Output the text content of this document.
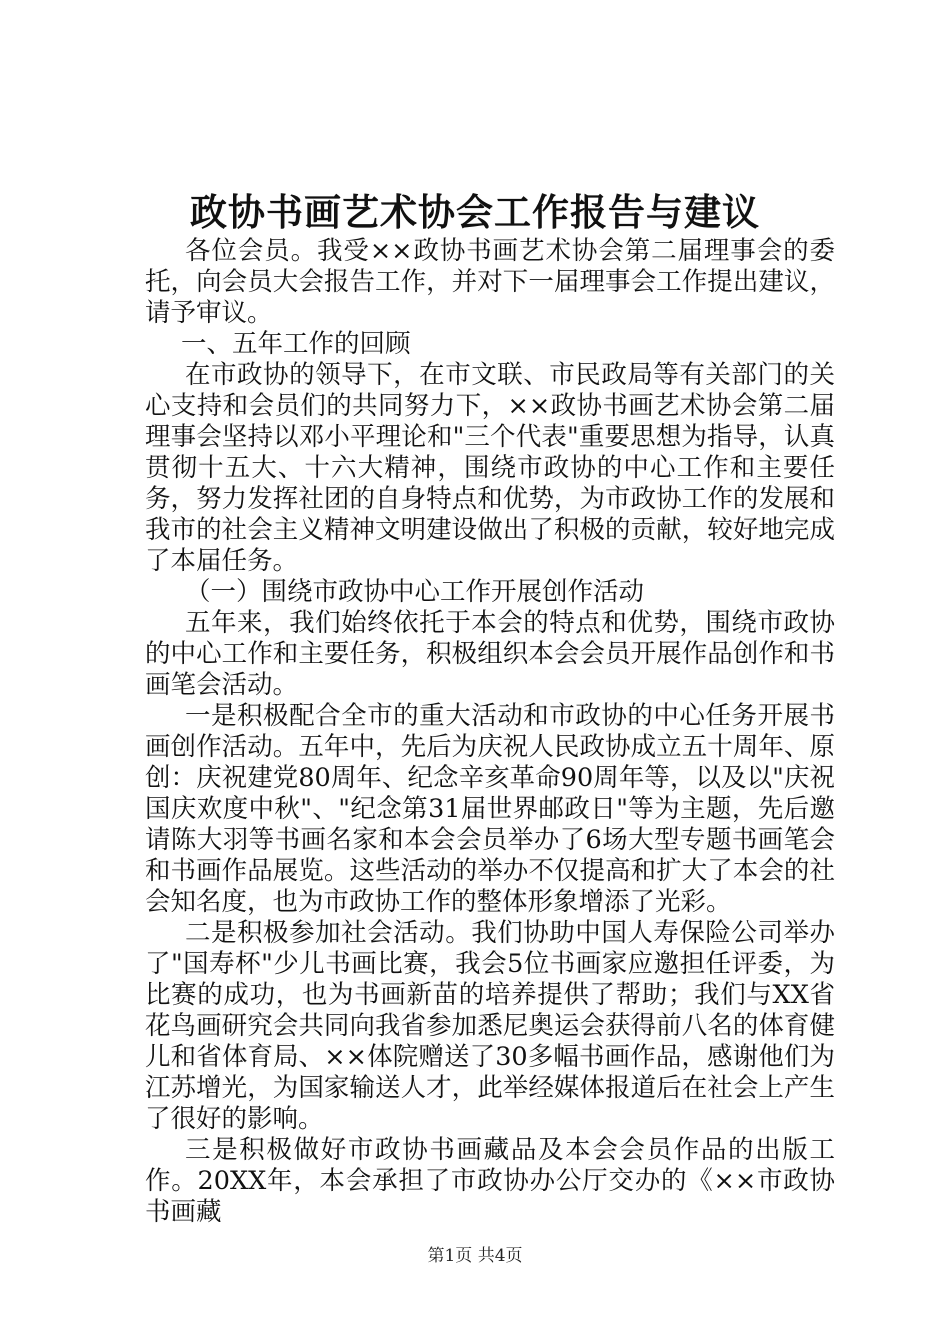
政协书画艺术协会工作报告与建议

各位会员。我受××政协书画艺术协会第二届理事会的委托，向会员大会报告工作，并对下一届理事会工作提出建议，请予审议。

一、五年工作的回顾

在市政协的领导下，在市文联、市民政局等有关部门的关心支持和会员们的共同努力下，××政协书画艺术协会第二届理事会坚持以邓小平理论和"三个代表"重要思想为指导，认真贯彻十五大、十六大精神，围绕市政协的中心工作和主要任务，努力发挥社团的自身特点和优势，为市政协工作的发展和我市的社会主义精神文明建设做出了积极的贡献，较好地完成了本届任务。

（一）围绕市政协中心工作开展创作活动

五年来，我们始终依托于本会的特点和优势，围绕市政协的中心工作和主要任务，积极组织本会会员开展作品创作和书画笔会活动。

一是积极配合全市的重大活动和市政协的中心任务开展书画创作活动。五年中，先后为庆祝人民政协成立五十周年、原创：庆祝建党80周年、纪念辛亥革命90周年等，以及以"庆祝国庆欢度中秋"、"纪念第31届世界邮政日"等为主题，先后邀请陈大羽等书画名家和本会会员举办了6场大型专题书画笔会和书画作品展览。这些活动的举办不仅提高和扩大了本会的社会知名度，也为市政协工作的整体形象增添了光彩。

二是积极参加社会活动。我们协助中国人寿保险公司举办了"国寿杯"少儿书画比赛，我会5位书画家应邀担任评委，为比赛的成功，也为书画新苗的培养提供了帮助；我们与XX省花鸟画研究会共同向我省参加悉尼奥运会获得前八名的体育健儿和省体育局、××体院赠送了30多幅书画作品，感谢他们为江苏增光，为国家输送人才，此举经媒体报道后在社会上产生了很好的影响。

三是积极做好市政协书画藏品及本会会员作品的出版工作。20XX年，本会承担了市政协办公厅交办的《××市政协书画藏

第1页 共4页
